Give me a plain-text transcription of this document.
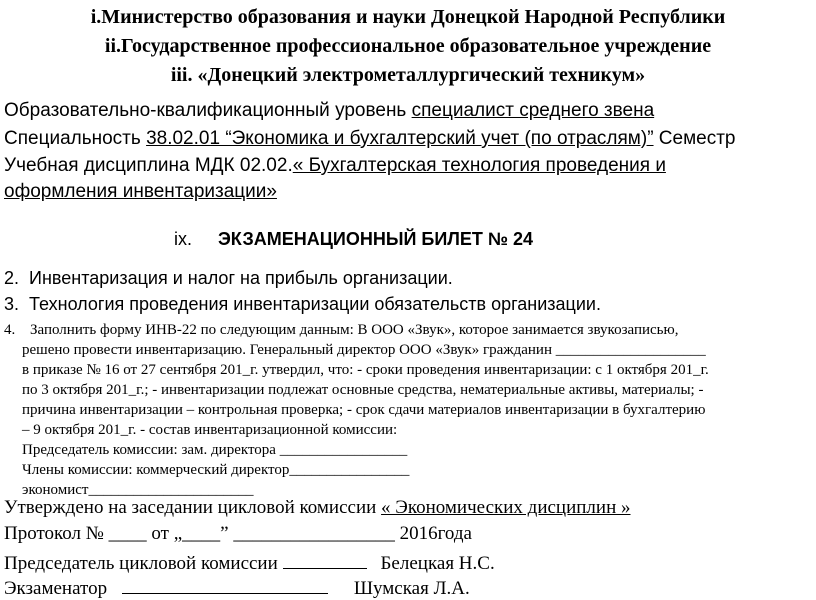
i.Министерство образования и науки Донецкой Народной Республики
ii.Государственное профессиональное образовательное учреждение
iii. «Донецкий электрометаллургический техникум»
Образовательно-квалификационный уровень специалист среднего звена
Специальность 38.02.01 “Экономика и бухгалтерский учет (по отраслям)” Семестр
Учебная дисциплина МДК 02.02.« Бухгалтерская технология проведения и
оформления инвентаризации»
ix. ЭКЗАМЕНАЦИОННЫЙ БИЛЕТ № 24
2. Инвентаризация и налог на прибыль организации.
3. Технология проведения инвентаризации обязательств организации.
4. Заполнить форму ИНВ-22 по следующим данным: В ООО «Звук», которое занимается звукозаписью,
решено провести инвентаризацию. Генеральный директор ООО «Звук» гражданин ____________________
в приказе № 16 от 27 сентября 201_г. утвердил, что: - сроки проведения инвентаризации: с 1 октября 201_г.
по 3 октября 201_г.; - инвентаризации подлежат основные средства, нематериальные активы, материалы; -
причина инвентаризации – контрольная проверка; - срок сдачи материалов инвентаризации в бухгалтерию
– 9 октября 201_г. - состав инвентаризационной комиссии:
Председатель комиссии: зам. директора _________________
Члены комиссии: коммерческий директор________________
экономист______________________
Утверждено на заседании цикловой комиссии « Экономических дисциплин »
Протокол № ____ от „____” _________________ 2016года
Председатель цикловой комиссии	Белецкая Н.С.
Экзаменатор	Шумская Л.А.
